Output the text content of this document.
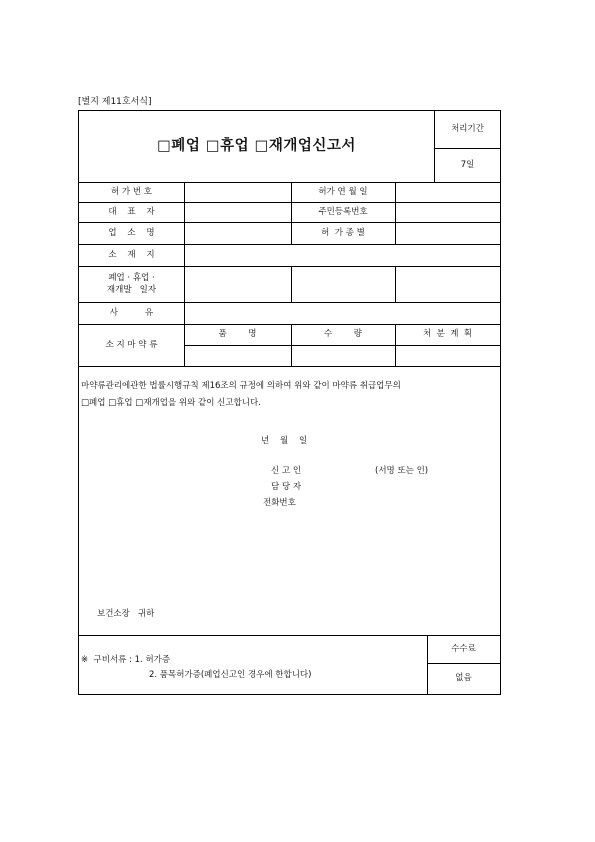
[별지 제11호서식]
□폐업 □휴업 □재개업신고서
처리기간
7일
허 가 번 호	허가 연 월 일
대    표    자	주민등록번호
업    소    명	허  가 종 별
소    재    지
폐업 · 휴업 ·
재개발   일자
사          유
소 지 마 약 류
품        명	수        량	처  분  계  획
마약류관리에관한 법률시행규칙 제16조의 규정에 의하여 위와 같이 마약류 취급업무의
□폐업 □휴업 □재개업을 위와 같이 신고합니다.
년    월    일
신 고 인	(서명 또는 인)
담 당 자
전화번호
보건소장   귀하
※  구비서류 : 1. 허가증
2. 품목허가증(폐업신고인 경우에 한합니다)
수수료
없음
